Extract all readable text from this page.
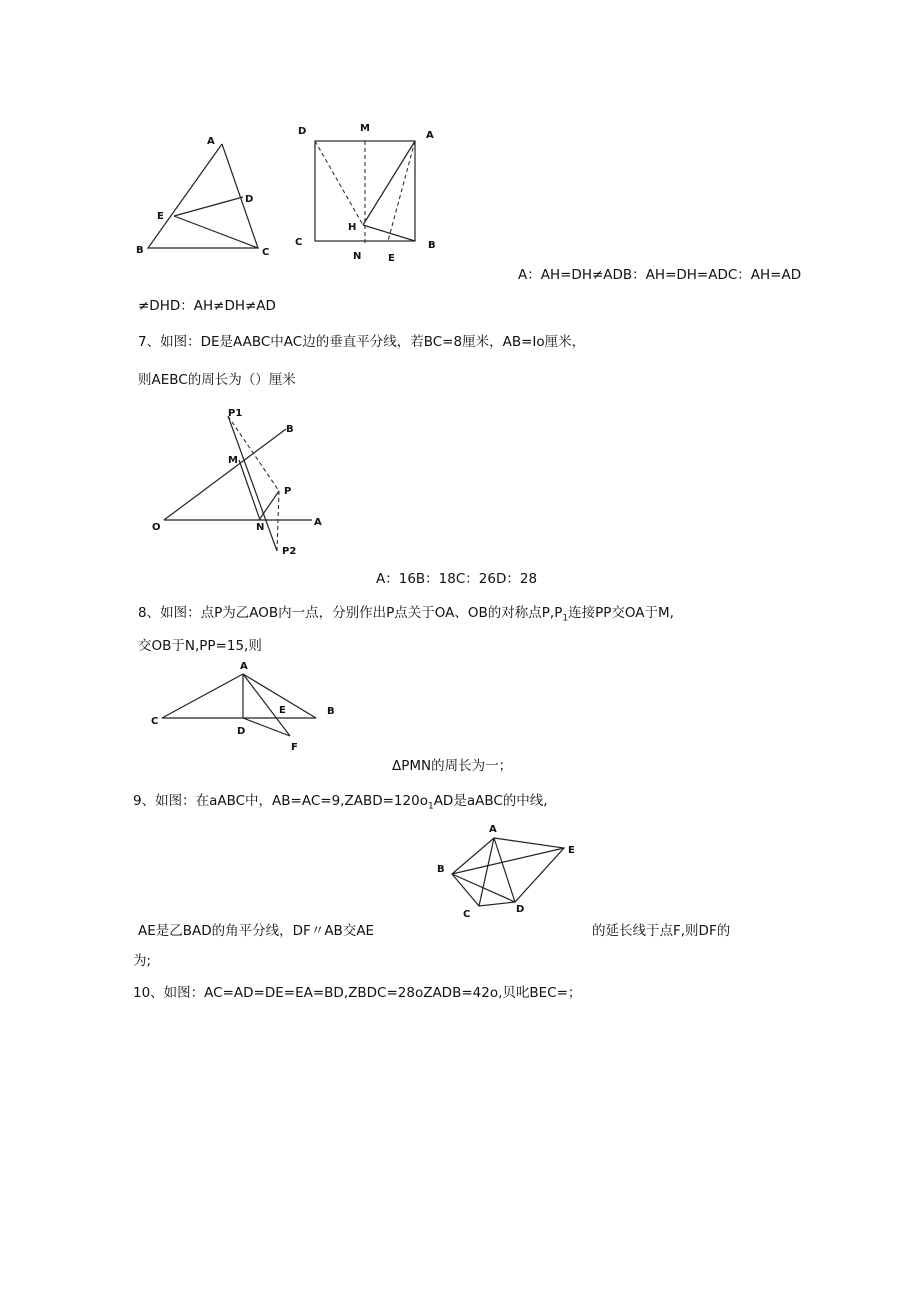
A
D
E
B	C
D	M
A
C
H
B
N	E
A：AH=DH≠ADB：AH=DH=ADC：AH=AD
≠DHD：AH≠DH≠AD
7、如图：DE是AABC中AC边的垂直平分线，若BC=8厘米，AB=Io厘米，
则AEBC的周长为（）厘米
P1
B
M
P
O	N	A
P2
A：16B：18C：26D：28
8、如图：点P为乙AOB内一点，分别作出P点关于OA、OB的对称点$P,P_1$连接PP交OA于M,
交OB于N,PP=15,则
A
C
E	B
D
F
ΔPMN的周长为一；
9、如图：在aABC中，$AB=AC=9,ZABD=120o_1AD$是aABC的中线,
A
E
B
C	D
AE是乙BAD的角平分线，DF〃AB交AE	的延长线于点F,则DF的
为;
10、如图：AC=AD=DE=EA=BD,ZBDC=28oZADB=42o,贝叱BEC=；
